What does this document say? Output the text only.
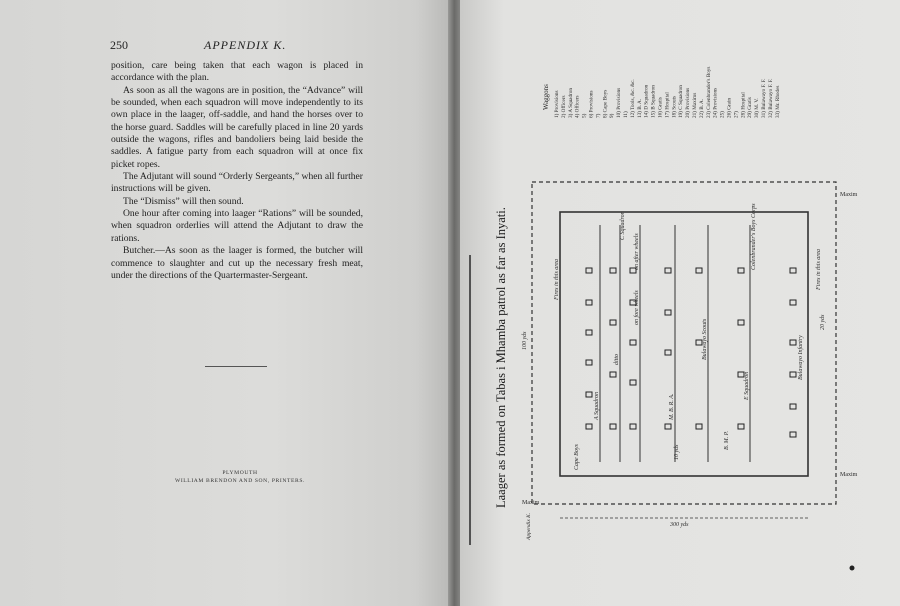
250	APPENDIX K.

position, care being taken that each wagon is placed in accordance with the plan.

As soon as all the wagons are in position, the “Advance” will be sounded, when each squadron will move independently to its own place in the laager, off-saddle, and hand the horses over to the horse guard. Saddles will be carefully placed in line 20 yards outside the wagons, rifles and bandoliers being laid beside the saddles. A fatigue party from each squadron will at once fix picket ropes.

The Adjutant will sound “Orderly Sergeants,” when all further instructions will be given.

The “Dismiss” will then sound.

One hour after coming into laager “Rations” will be sounded, when squadron orderlies will attend the Adjutant to draw the rations.

Butcher.—As soon as the laager is formed, the butcher will commence to slaughter and cut up the necessary fresh meat, under the directions of the Quartermaster-Sergeant.

PLYMOUTH
WILLIAM BRENDON AND SON, PRINTERS.	Laager as formed on Tabas i Mhamba patrol as far as Inyati.	A Squadron
C Squadron
M. B. R. A.
E Squadron
B. M. P.
Bulawayo Scouts	Bulawayo Infantry
Colenbrander's Boys Corps
Cape Boys
Fires in this area	Fires in this area
ditto
on fore wheels
on after wheels
Maxim
Maxim
Maxim
300 yds
100 yds
20 yds
10 yds
Appendix K.
Waggons 1) Provisions 2) Officers 3) A Squadron 4) Officers 5) 6) Provisions 7) 8) Cape Boys 9) 10) Provisions 11) 12) Tools, &c. &c. 13) B. A. 14) D Squadron 15) B Squadron 16) Gratis 17) Hospital 18) Scouts 19) C Squadron 20) Provisions 21) Maxims 22) B. A. 23) Colenbrander's Boys 24) Provisions 25) 26) Grain 27) 28) Hospital 29) Gratis 30) M. V. 31) Bulawayo F. F. 32) Bulawayo F. F. 33) Mr. Rhodes
